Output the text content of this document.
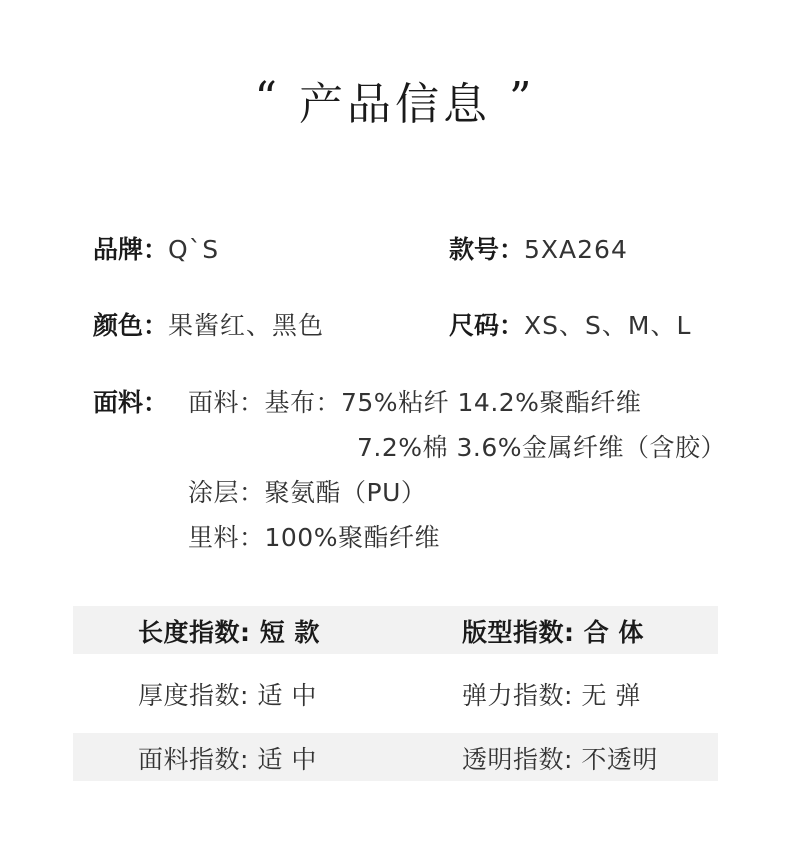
“ 产品信息 ”
品牌：Q`S	款号：5XA264
颜色：果酱红、黑色	尺码：XS、S、M、L
面料： 面料：基布：75%粘纤 14.2%聚酯纤维
7.2%棉 3.6%金属纤维（含胶）
涂层：聚氨酯（PU）
里料：100%聚酯纤维
长度指数: 短 款	版型指数: 合 体
厚度指数: 适 中	弹力指数: 无 弹
面料指数: 适 中	透明指数: 不透明
